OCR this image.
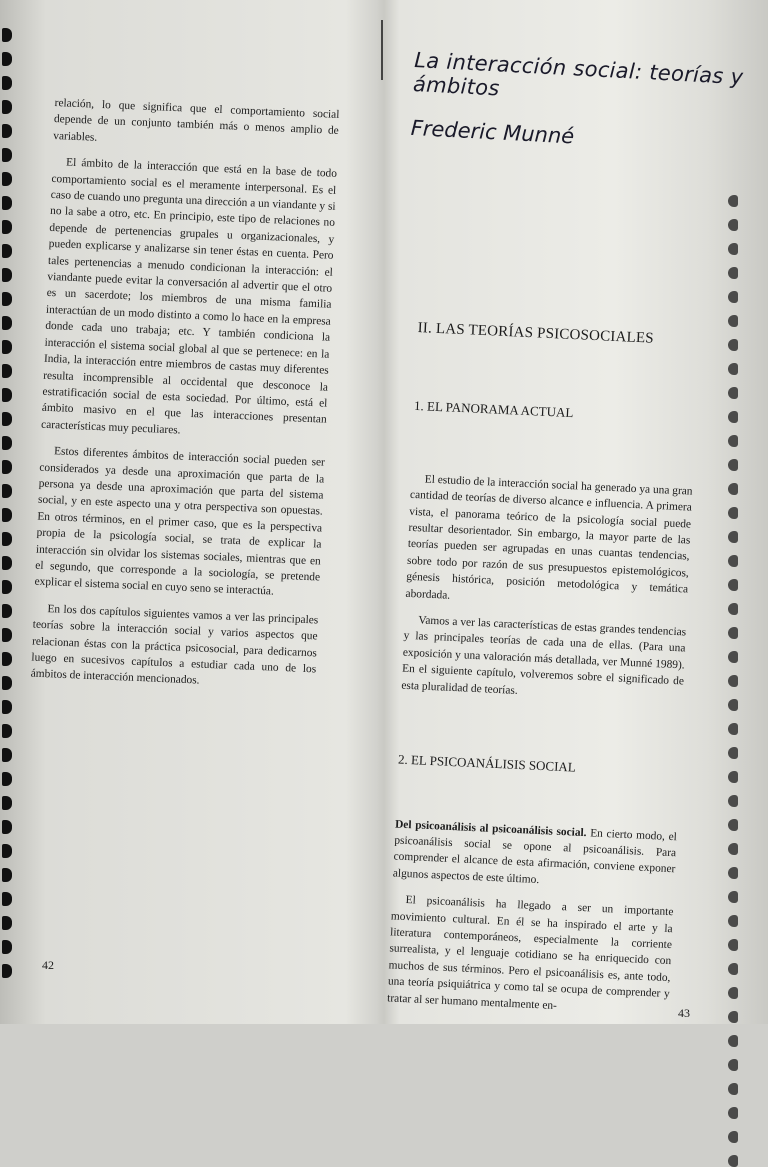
relación, lo que significa que el comportamiento social depende de un conjunto también más o menos amplio de variables.

El ámbito de la interacción que está en la base de todo comportamiento social es el meramente interpersonal. Es el caso de cuando uno pregunta una dirección a un viandante y si no la sabe a otro, etc. En principio, este tipo de relaciones no depende de pertenencias grupales u organizacionales, y pueden explicarse y analizarse sin tener éstas en cuenta. Pero tales pertenencias a menudo condicionan la interacción: el viandante puede evitar la conversación al advertir que el otro es un sacerdote; los miembros de una misma familia interactúan de un modo distinto a como lo hace en la empresa donde cada uno trabaja; etc. Y también condiciona la interacción el sistema social global al que se pertenece: en la India, la interacción entre miembros de castas muy diferentes resulta incomprensible al occidental que desconoce la estratificación social de esta sociedad. Por último, está el ámbito masivo en el que las interacciones presentan características muy peculiares.

Estos diferentes ámbitos de interacción social pueden ser considerados ya desde una aproximación que parta de la persona ya desde una aproximación que parta del sistema social, y en este aspecto una y otra perspectiva son opuestas. En otros términos, en el primer caso, que es la perspectiva propia de la psicología social, se trata de explicar la interacción sin olvidar los sistemas sociales, mientras que en el segundo, que corresponde a la sociología, se pretende explicar el sistema social en cuyo seno se interactúa.

En los dos capítulos siguientes vamos a ver las principales teorías sobre la interacción social y varios aspectos que relacionan éstas con la práctica psicosocial, para dedicarnos luego en sucesivos capítulos a estudiar cada uno de los ámbitos de interacción mencionados.

42
La interacción social: teorías y ámbitos
Frederic Munné
II. LAS TEORÍAS PSICOSOCIALES
1. EL PANORAMA ACTUAL

El estudio de la interacción social ha generado ya una gran cantidad de teorías de diverso alcance e influencia. A primera vista, el panorama teórico de la psicología social puede resultar desorientador. Sin embargo, la mayor parte de las teorías pueden ser agrupadas en unas cuantas tendencias, sobre todo por razón de sus presupuestos epistemológicos, génesis histórica, posición metodológica y temática abordada.

Vamos a ver las características de estas grandes tendencias y las principales teorías de cada una de ellas. (Para una exposición y una valoración más detallada, ver Munné 1989). En el siguiente capítulo, volveremos sobre el significado de esta pluralidad de teorías.

2. EL PSICOANÁLISIS SOCIAL

Del psicoanálisis al psicoanálisis social. En cierto modo, el psicoanálisis social se opone al psicoanálisis. Para comprender el alcance de esta afirmación, conviene exponer algunos aspectos de este último.

El psicoanálisis ha llegado a ser un importante movimiento cultural. En él se ha inspirado el arte y la literatura contemporáneos, especialmente la corriente surrealista, y el lenguaje cotidiano se ha enriquecido con muchos de sus términos. Pero el psicoanálisis es, ante todo, una teoría psiquiátrica y como tal se ocupa de comprender y tratar al ser humano mentalmente en-

43
